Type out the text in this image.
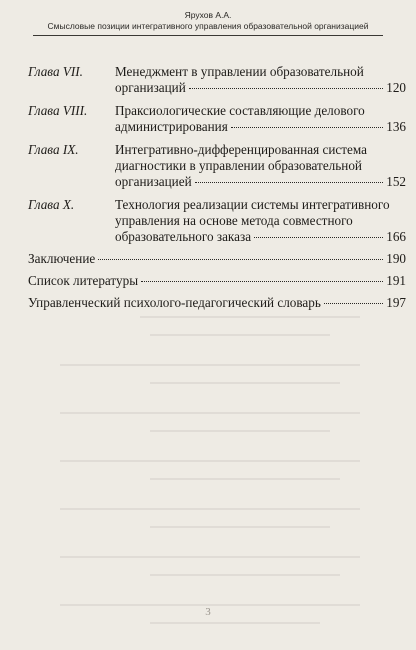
Ярухов А.А.
Смысловые позиции интегративного управления образовательной организацией
Глава VII. Менеджмент в управлении образовательной
организаций	120
Глава VIII. Праксиологические составляющие делового
администрирования	136
Глава IX.	Интегративно-дифференцированная система
диагностики в управлении образовательной
организацией	152
Глава X.	Технология реализации системы интегративного
управления на основе метода совместного
образовательного заказа	166
Заключение	190
Список литературы	191
Управленческий психолого-педагогический словарь	197
3
